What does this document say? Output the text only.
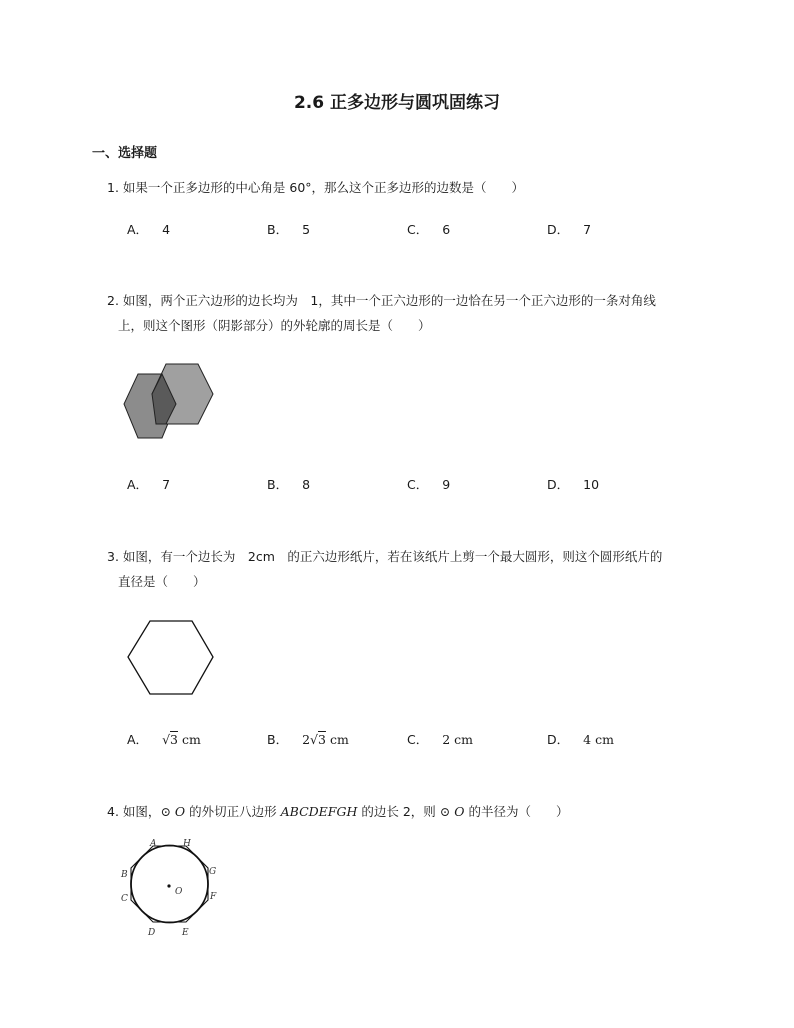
2.6 正多边形与圆巩固练习
一、选择题
1. 如果一个正多边形的中心角是 60°，那么这个正多边形的边数是（　　）
A． 4	B． 5	C． 6	D． 7
2. 如图，两个正六边形的边长均为　1，其中一个正六边形的一边恰在另一个正六边形的一条对角线
上，则这个图形（阴影部分）的外轮廓的周长是（　　）
A． 7	B． 8	C． 9	D． 10
3. 如图，有一个边长为　2cm　的正六边形纸片，若在该纸片上剪一个最大圆形，则这个圆形纸片的
直径是（　　）
A． √3 cm	B． 2√3 cm	C． 2 cm	D． 4 cm
4. 如图，⊙ O 的外切正八边形 ABCDEFGH 的边长 2，则 ⊙ O 的半径为（　　）
A	H
B	G
C	F
D	E
O
